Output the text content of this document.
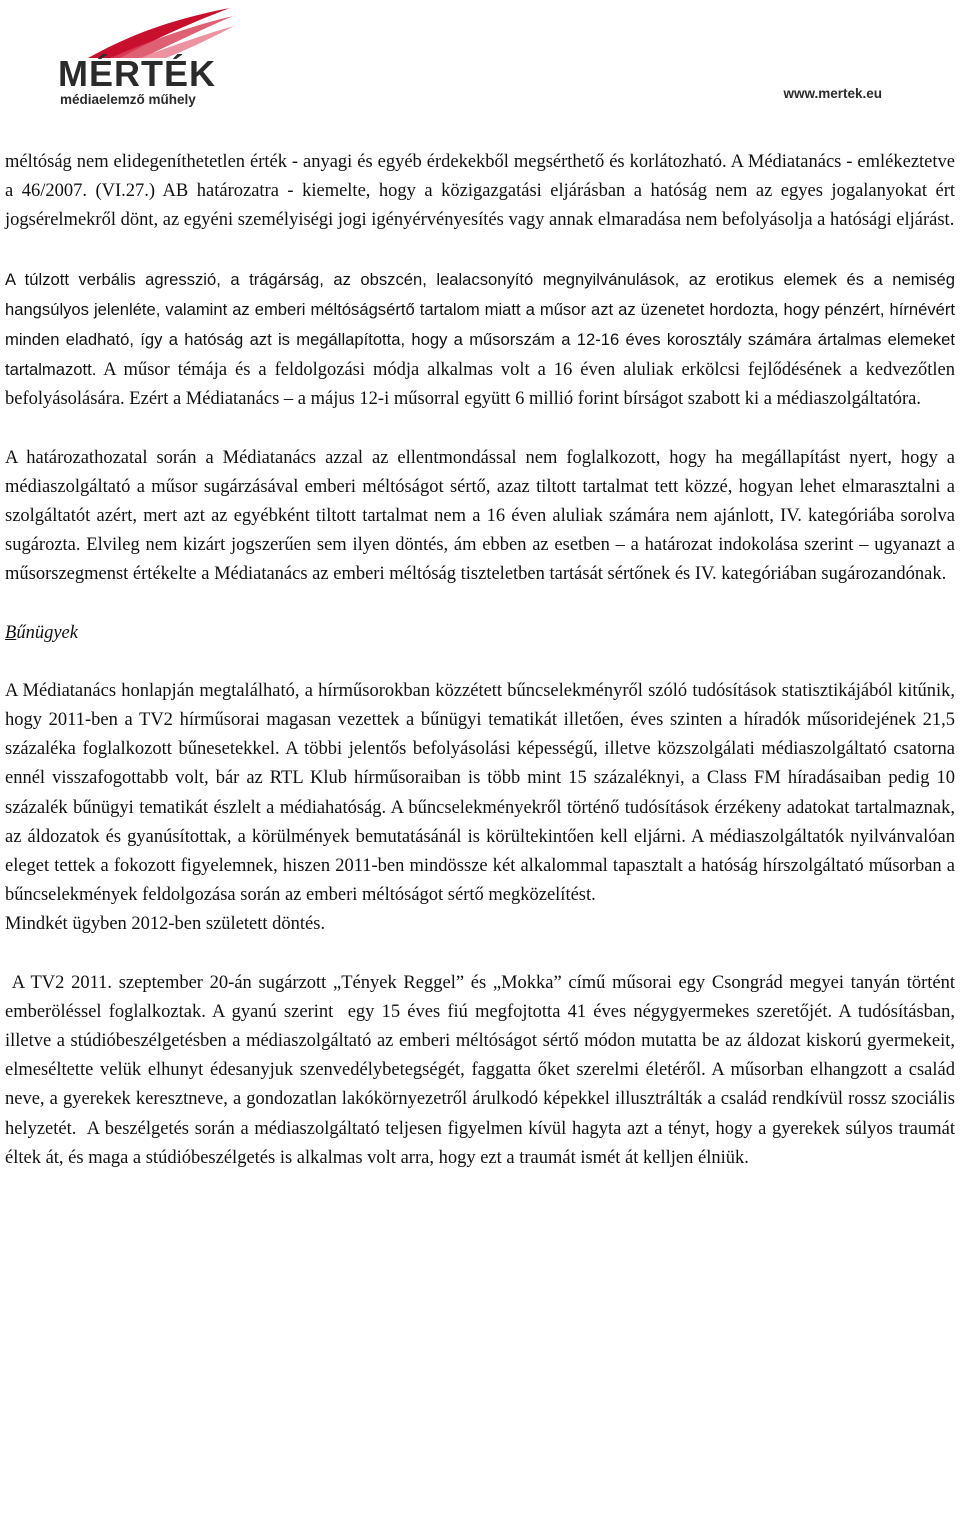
MÉRTÉK
médiaelemző műhely	www.mertek.eu

méltóság nem elidegeníthetetlen érték - anyagi és egyéb érdekekből megsérthető és korlátozható. A Médiatanács - emlékeztetve a 46/2007. (VI.27.) AB határozatra - kiemelte, hogy a közigazgatási eljárásban a hatóság nem az egyes jogalanyokat ért jogsérelmekről dönt, az egyéni személyiségi jogi igényérvényesítés vagy annak elmaradása nem befolyásolja a hatósági eljárást.

A túlzott verbális agresszió, a trágárság, az obszcén, lealacsonyító megnyilvánulások, az erotikus elemek és a nemiség hangsúlyos jelenléte, valamint az emberi méltóságsértő tartalom miatt a műsor azt az üzenetet hordozta, hogy pénzért, hírnévért minden eladható, így a hatóság azt is megállapította, hogy a műsorszám a 12-16 éves korosztály számára ártalmas elemeket tartalmazott. A műsor témája és a feldolgozási módja alkalmas volt a 16 éven aluliak erkölcsi fejlődésének a kedvezőtlen befolyásolására. Ezért a Médiatanács – a május 12-i műsorral együtt 6 millió forint bírságot szabott ki a médiaszolgáltatóra.

A határozathozatal során a Médiatanács azzal az ellentmondással nem foglalkozott, hogy ha megállapítást nyert, hogy a médiaszolgáltató a műsor sugárzásával emberi méltóságot sértő, azaz tiltott tartalmat tett közzé, hogyan lehet elmarasztalni a szolgáltatót azért, mert azt az egyébként tiltott tartalmat nem a 16 éven aluliak számára nem ajánlott, IV. kategóriába sorolva sugározta. Elvileg nem kizárt jogszerűen sem ilyen döntés, ám ebben az esetben – a határozat indokolása szerint – ugyanazt a műsorszegmenst értékelte a Médiatanács az emberi méltóság tiszteletben tartását sértőnek és IV. kategóriában sugározandónak.

Bűnügyek

A Médiatanács honlapján megtalálható, a hírműsorokban közzétett bűncselekményről szóló tudósítások statisztikájából kitűnik, hogy 2011-ben a TV2 hírműsorai magasan vezettek a bűnügyi tematikát illetően, éves szinten a híradók műsoridejének 21,5 százaléka foglalkozott bűnesetekkel. A többi jelentős befolyásolási képességű, illetve közszolgálati médiaszolgáltató csatorna ennél visszafogottabb volt, bár az RTL Klub hírműsoraiban is több mint 15 százaléknyi, a Class FM híradásaiban pedig 10 százalék bűnügyi tematikát észlelt a médiahatóság. A bűncselekményekről történő tudósítások érzékeny adatokat tartalmaznak, az áldozatok és gyanúsítottak, a körülmények bemutatásánál is körültekintően kell eljárni. A médiaszolgáltatók nyilvánvalóan eleget tettek a fokozott figyelemnek, hiszen 2011-ben mindössze két alkalommal tapasztalt a hatóság hírszolgáltató műsorban a bűncselekmények feldolgozása során az emberi méltóságot sértő megközelítést.

Mindkét ügyben 2012-ben született döntés.

A TV2 2011. szeptember 20-án sugárzott „Tények Reggel” és „Mokka” című műsorai egy Csongrád megyei tanyán történt emberöléssel foglalkoztak. A gyanú szerint  egy 15 éves fiú megfojtotta 41 éves négygyermekes szeretőjét. A tudósításban, illetve a stúdióbeszélgetésben a médiaszolgáltató az emberi méltóságot sértő módon mutatta be az áldozat kiskorú gyermekeit, elmeséltette velük elhunyt édesanyjuk szenvedélybetegségét, faggatta őket szerelmi életéről. A műsorban elhangzott a család neve, a gyerekek keresztneve, a gondozatlan lakókörnyezetről árulkodó képekkel illusztrálták a család rendkívül rossz szociális helyzetét.  A beszélgetés során a médiaszolgáltató teljesen figyelmen kívül hagyta azt a tényt, hogy a gyerekek súlyos traumát éltek át, és maga a stúdióbeszélgetés is alkalmas volt arra, hogy ezt a traumát ismét át kelljen élniük.
